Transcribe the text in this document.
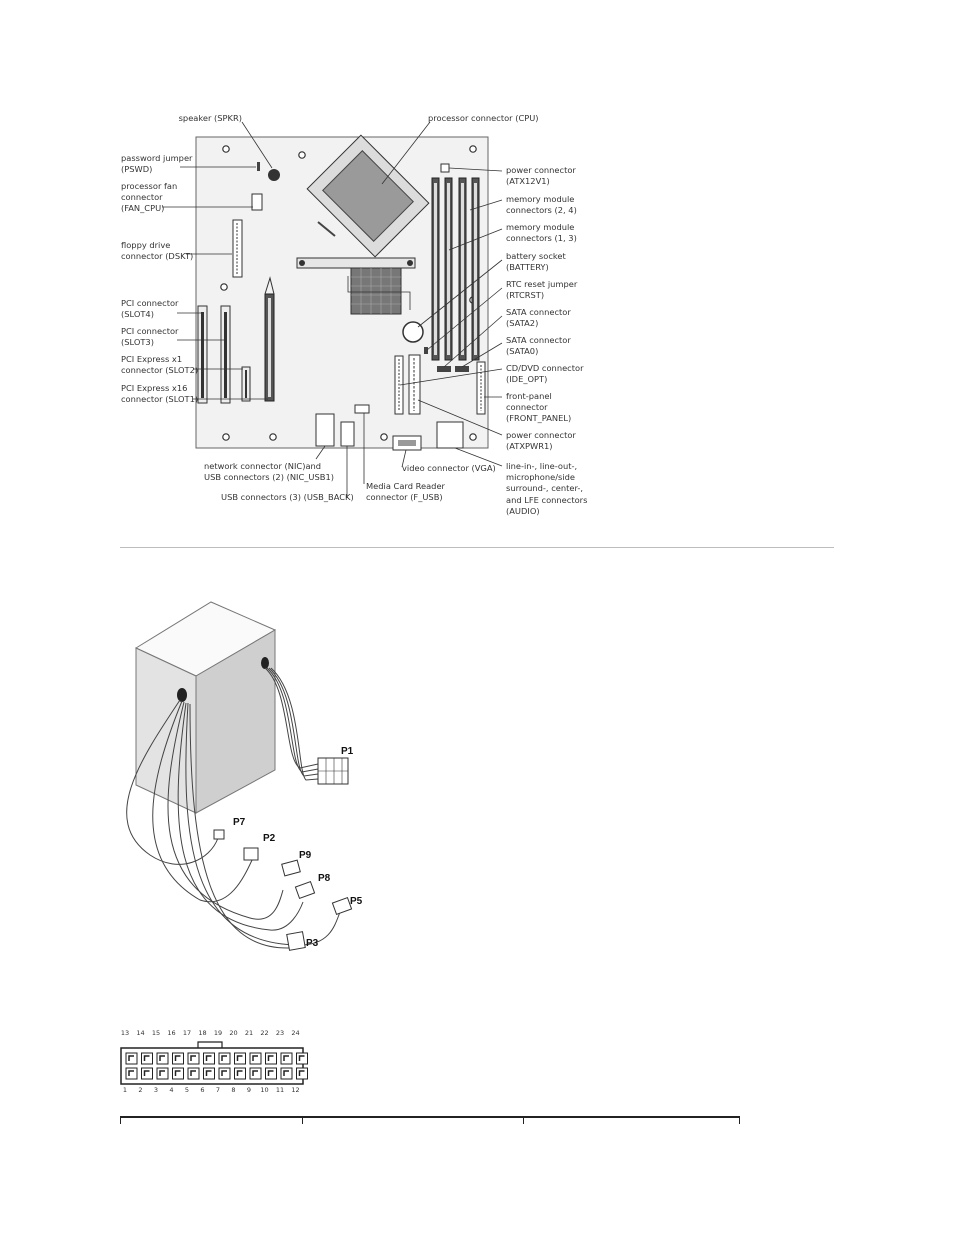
speaker (SPKR)	processor connector (CPU)
password jumper
(PSWD)
processor fan
connector
(FAN_CPU)
floppy drive
connector (DSKT)
PCI connector
(SLOT4)
PCI connector
(SLOT3)
PCI Express x1
connector (SLOT2)
PCI Express x16
connector (SLOT1)
power connector
(ATX12V1)
memory module
connectors (2, 4)
memory module
connectors (1, 3)
battery socket
(BATTERY)
RTC reset jumper
(RTCRST)
SATA connector
(SATA2)
SATA connector
(SATA0)
CD/DVD connector
(IDE_OPT)
front-panel
connector
(FRONT_PANEL)
power connector
(ATXPWR1)
line-in-, line-out-,
microphone/side
surround-, center-,
and LFE connectors
(AUDIO)
network connector (NIC)and
USB connectors (2) (NIC_USB1)
USB connectors (3) (USB_BACK)
Media Card Reader
connector (F_USB)
video connector (VGA)
P1
P7
P2
P9
P8
P5
P3
13	14	15	16	17	18	19	20	21	22	23	24
1	2	3	4	5	6	7	8	9	10	11	12
